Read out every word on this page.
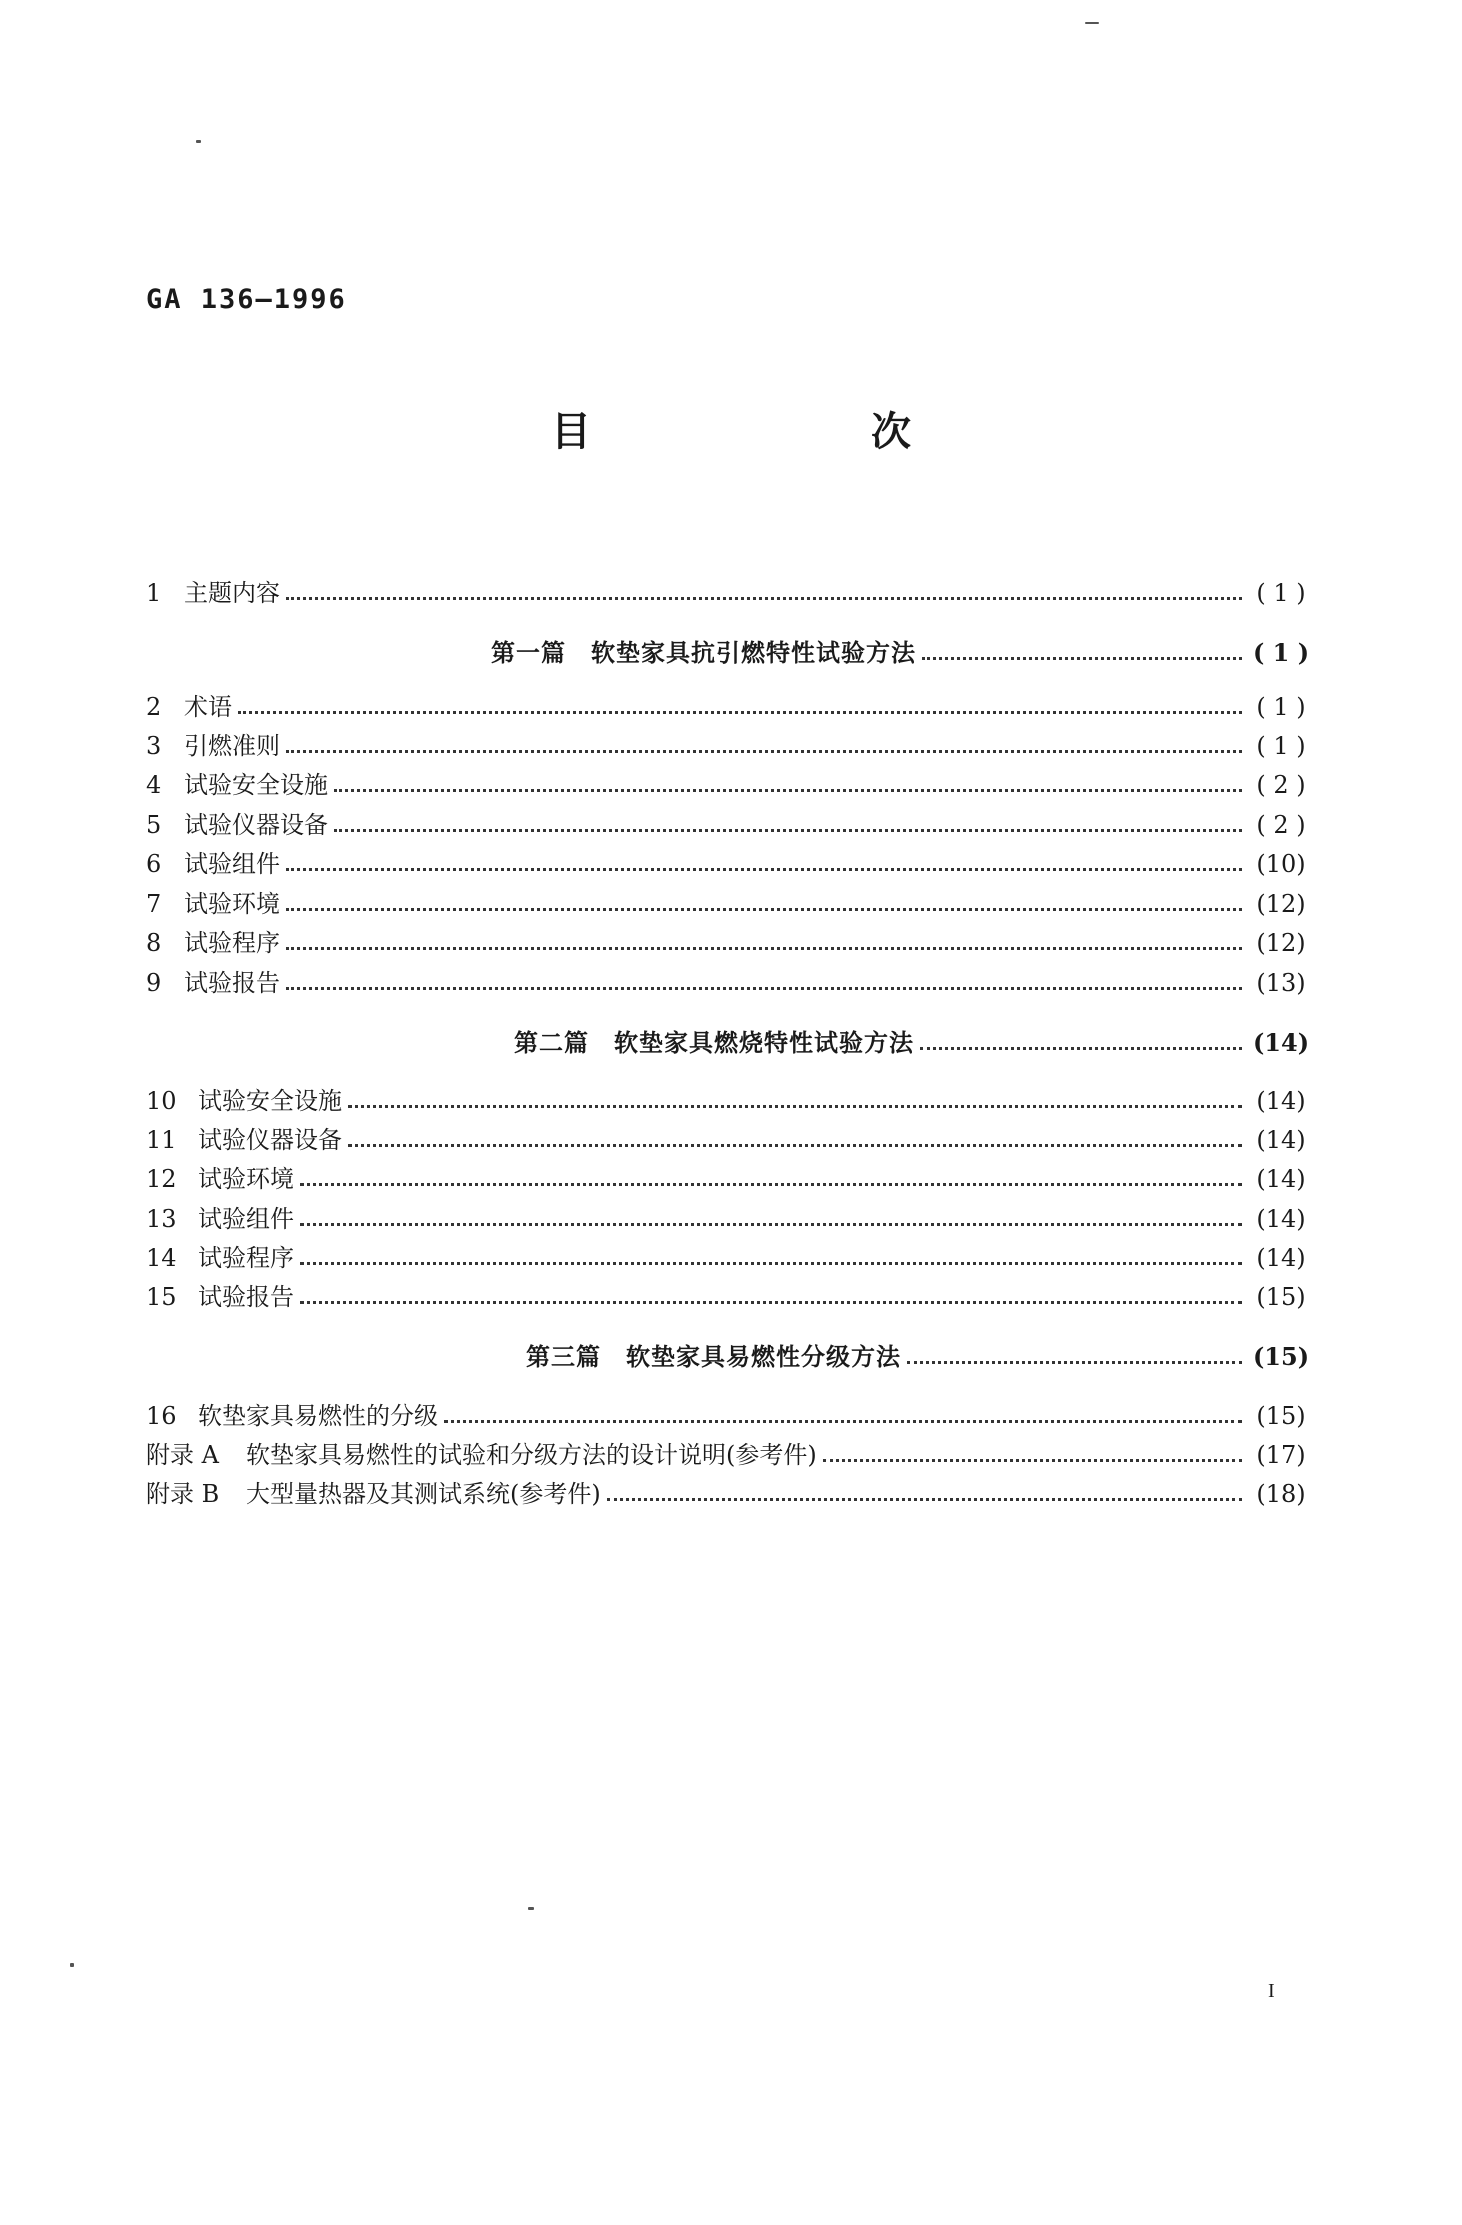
GA 136—1996
目　次
1 主题内容	( 1 )
第一篇　软垫家具抗引燃特性试验方法	( 1 )
2 术语	( 1 )
3 引燃准则	( 1 )
4 试验安全设施	( 2 )
5 试验仪器设备	( 2 )
6 试验组件	(10)
7 试验环境	(12)
8 试验程序	(12)
9 试验报告	(13)
第二篇　软垫家具燃烧特性试验方法	(14)
10 试验安全设施	(14)
11 试验仪器设备	(14)
12 试验环境	(14)
13 试验组件	(14)
14 试验程序	(14)
15 试验报告	(15)
第三篇　软垫家具易燃性分级方法	(15)
16 软垫家具易燃性的分级	(15)
附录 A	软垫家具易燃性的试验和分级方法的设计说明(参考件)	(17)
附录 B	大型量热器及其测试系统(参考件)	(18)
I
